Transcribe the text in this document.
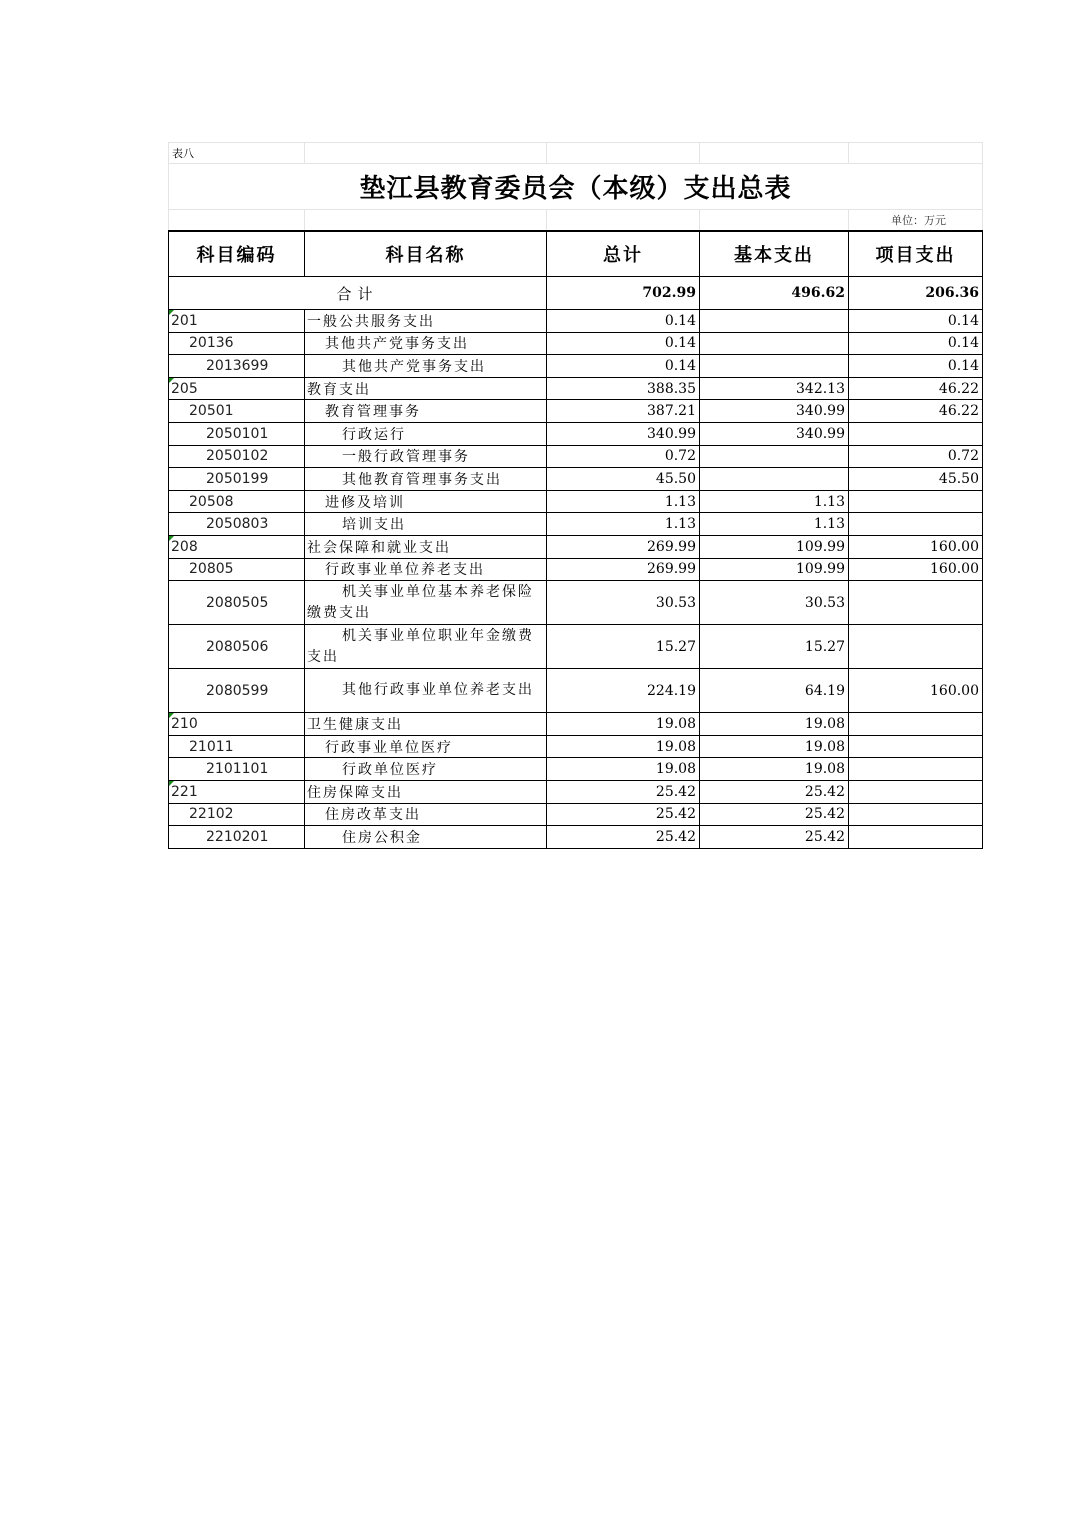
表八				
垫江县教育委员会（本级）支出总表				
				单位：万元
科目编码	科目名称	总计	基本支出	项目支出
合计		702.99	496.62	206.36
201	一般公共服务支出	0.14		0.14
20136	其他共产党事务支出	0.14		0.14
2013699	其他共产党事务支出	0.14		0.14
205	教育支出	388.35	342.13	46.22
20501	教育管理事务	387.21	340.99	46.22
2050101	行政运行	340.99	340.99	
2050102	一般行政管理事务	0.72		0.72
2050199	其他教育管理事务支出	45.50		45.50
20508	进修及培训	1.13	1.13	
2050803	培训支出	1.13	1.13	
208	社会保障和就业支出	269.99	109.99	160.00
20805	行政事业单位养老支出	269.99	109.99	160.00
2080505	机关事业单位基本养老保险缴费支出	30.53	30.53	
2080506	机关事业单位职业年金缴费支出	15.27	15.27	
2080599	其他行政事业单位养老支出	224.19	64.19	160.00
210	卫生健康支出	19.08	19.08	
21011	行政事业单位医疗	19.08	19.08	
2101101	行政单位医疗	19.08	19.08	
221	住房保障支出	25.42	25.42	
22102	住房改革支出	25.42	25.42	
2210201	住房公积金	25.42	25.42	
